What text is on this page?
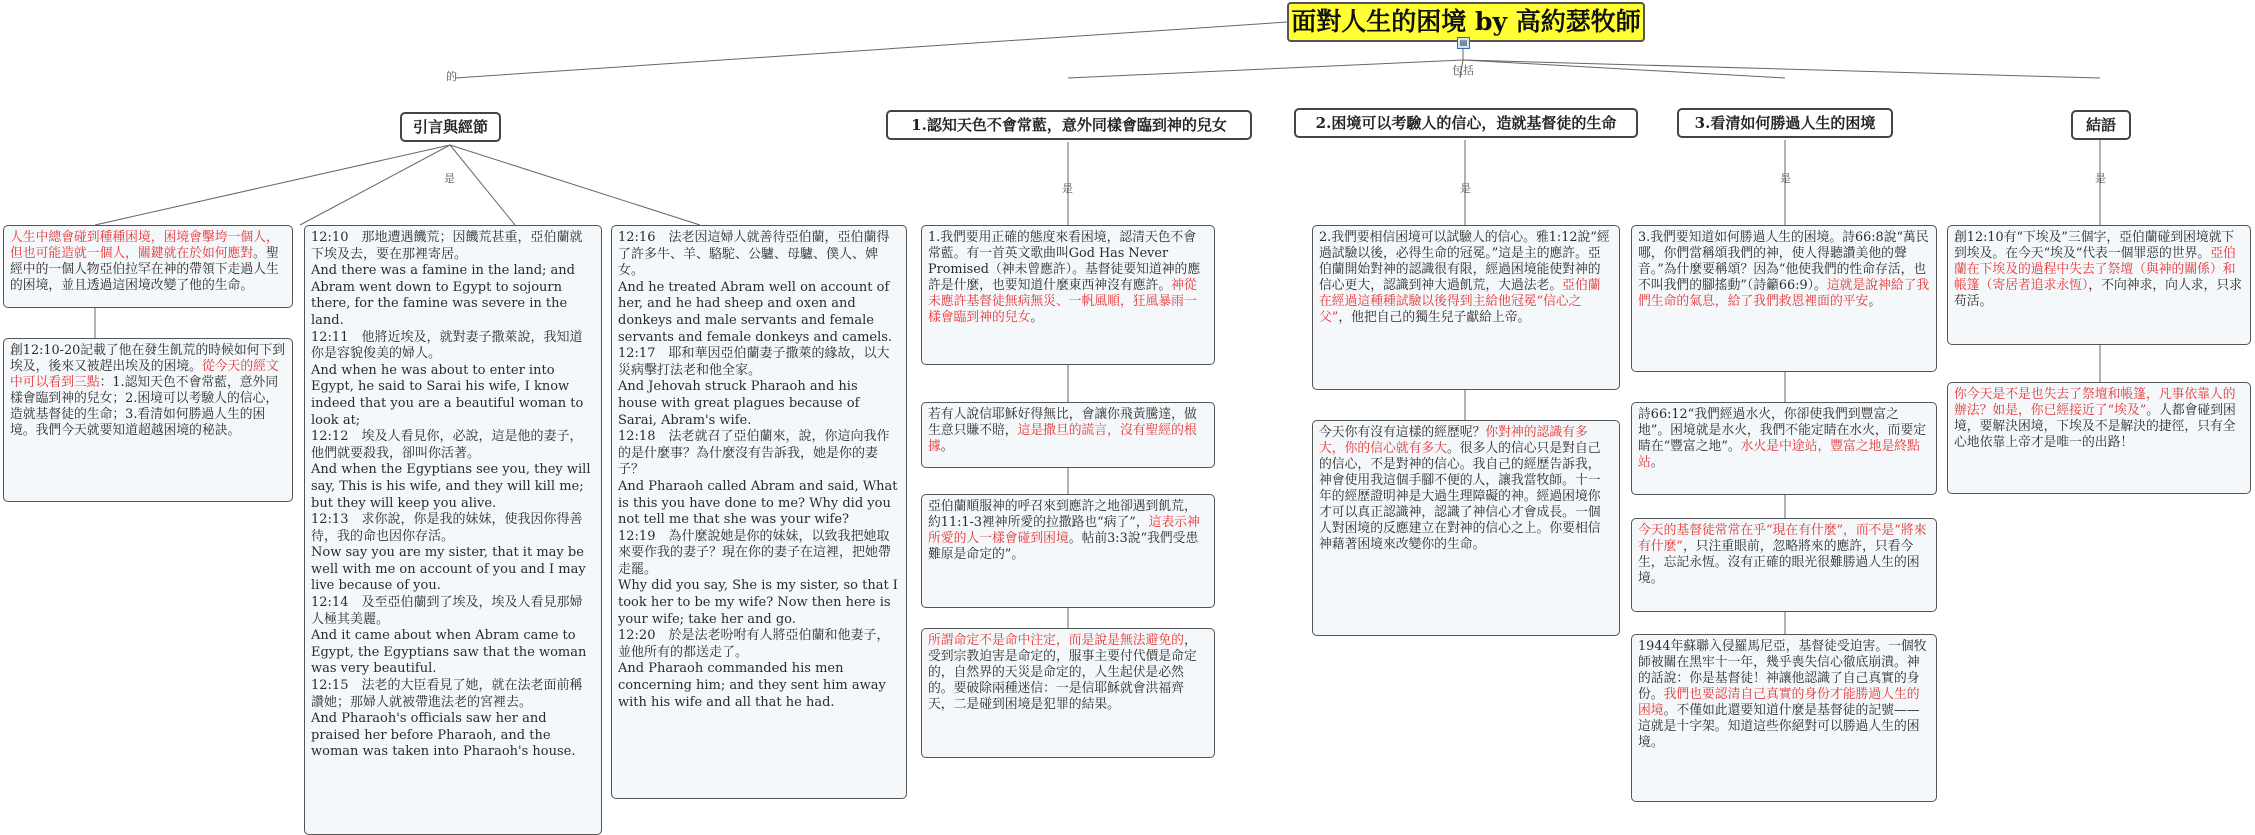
面對人生的困境 by 高約瑟牧師
▤
的	包括
是
是	是
是	是
引言與經節	1.認知天色不會常藍，意外同樣會臨到神的兒女	2.困境可以考驗人的信心，造就基督徒的生命	3.看清如何勝過人生的困境	結語
人生中總會碰到種種困境，困境會擊垮一個人，但也可能造就一個人，關鍵就在於如何應對。聖經中的一個人物亞伯拉罕在神的帶領下走過人生的困境，並且透過這困境改變了他的生命。
創12:10-20記載了他在發生飢荒的時候如何下到埃及，後來又被趕出埃及的困境。從今天的經文中可以看到三點：1.認知天色不會常藍，意外同樣會臨到神的兒女；2.困境可以考驗人的信心，造就基督徒的生命；3.看清如何勝過人生的困境。我們今天就要知道超越困境的秘訣。
12:10　那地遭遇饑荒；因饑荒甚重，亞伯蘭就下埃及去，要在那裡寄居。
And there was a famine in the land; and Abram went down to Egypt to sojourn there, for the famine was severe in the land.
12:11　他將近埃及，就對妻子撒萊說，我知道你是容貌俊美的婦人。
And when he was about to enter into Egypt, he said to Sarai his wife, I know indeed that you are a beautiful woman to look at;
12:12　埃及人看見你，必說，這是他的妻子，他們就要殺我，卻叫你活著。
And when the Egyptians see you, they will say, This is his wife, and they will kill me; but they will keep you alive.
12:13　求你說，你是我的妹妹，使我因你得善待，我的命也因你存活。
Now say you are my sister, that it may be well with me on account of you and I may live because of you.
12:14　及至亞伯蘭到了埃及，埃及人看見那婦人極其美麗。
And it came about when Abram came to Egypt, the Egyptians saw that the woman was very beautiful.
12:15　法老的大臣看見了她，就在法老面前稱讚她；那婦人就被帶進法老的宮裡去。
And Pharaoh's officials saw her and praised her before Pharaoh, and the woman was taken into Pharaoh's house.
12:16　法老因這婦人就善待亞伯蘭，亞伯蘭得了許多牛、羊、駱駝、公驢、母驢、僕人、婢女。
And he treated Abram well on account of her, and he had sheep and oxen and donkeys and male servants and female servants and female donkeys and camels.
12:17　耶和華因亞伯蘭妻子撒萊的緣故，以大災病擊打法老和他全家。
And Jehovah struck Pharaoh and his house with great plagues because of Sarai, Abram's wife.
12:18　法老就召了亞伯蘭來，說，你這向我作的是什麼事？為什麼沒有告訴我，她是你的妻子？
And Pharaoh called Abram and said, What is this you have done to me? Why did you not tell me that she was your wife?
12:19　為什麼說她是你的妹妹，以致我把她取來要作我的妻子？現在你的妻子在這裡，把她帶走罷。
Why did you say, She is my sister, so that I took her to be my wife? Now then here is your wife; take her and go.
12:20　於是法老吩咐有人將亞伯蘭和他妻子，並他所有的都送走了。
And Pharaoh commanded his men concerning him; and they sent him away with his wife and all that he had.
1.我們要用正確的態度來看困境，認清天色不會常藍。有一首英文歌曲叫God Has Never Promised（神未曾應許）。基督徒要知道神的應許是什麼，也要知道什麼東西神沒有應許。神從未應許基督徒無病無災、一帆風順，狂風暴雨一樣會臨到神的兒女。
若有人說信耶穌好得無比，會讓你飛黃騰達，做生意只賺不賠，這是撒旦的謊言，沒有聖經的根據。
亞伯蘭順服神的呼召來到應許之地卻遇到飢荒，約11:1-3裡神所愛的拉撒路也“病了”，這表示神所愛的人一樣會碰到困境。帖前3:3說“我們受患難原是命定的”。
所謂命定不是命中注定，而是說是無法避免的，受到宗教迫害是命定的，服事主要付代價是命定的，自然界的天災是命定的，人生起伏是必然的。要破除兩種迷信：一是信耶穌就會洪福齊天，二是碰到困境是犯罪的結果。
2.我們要相信困境可以試驗人的信心。雅1:12說“經過試驗以後，必得生命的冠冕。”這是主的應許。亞伯蘭開始對神的認識很有限，經過困境能使對神的信心更大，認識到神大過飢荒，大過法老。亞伯蘭在經過這種種試驗以後得到主給他冠冕“信心之父”，他把自己的獨生兒子獻給上帝。
今天你有沒有這樣的經歷呢？你對神的認識有多大，你的信心就有多大。很多人的信心只是對自己的信心，不是對神的信心。我自己的經歷告訴我，神會使用我這個手腳不便的人，讓我當牧師。十一年的經歷證明神是大過生理障礙的神。經過困境你才可以真正認識神，認識了神信心才會成長。一個人對困境的反應建立在對神的信心之上。你要相信神藉著困境來改變你的生命。
3.我們要知道如何勝過人生的困境。詩66:8說“萬民哪，你們當稱頌我們的神，使人得聽讚美他的聲音。”為什麼要稱頌？因為“他使我們的性命存活，也不叫我們的腳搖動”（詩籲66:9）。這就是說神給了我們生命的氣息，給了我們救恩裡面的平安。
詩66:12“我們經過水火，你卻使我們到豐富之地”。困境就是水火，我們不能定睛在水火，而要定睛在“豐富之地”。水火是中途站，豐富之地是終點站。
今天的基督徒常常在乎“現在有什麼”，而不是“將來有什麼”，只注重眼前，忽略將來的應許，只看今生，忘記永恆。沒有正確的眼光很難勝過人生的困境。
1944年蘇聯入侵羅馬尼亞，基督徒受迫害。一個牧師被關在黑牢十一年，幾乎喪失信心徹底崩潰。神的話說：你是基督徒！神讓他認識了自己真實的身份。我們也要認清自己真實的身份才能勝過人生的困境。不僅如此還要知道什麼是基督徒的記號——這就是十字架。知道這些你絕對可以勝過人生的困境。
創12:10有“下埃及”三個字，亞伯蘭碰到困境就下到埃及。在今天“埃及“代表一個罪惡的世界。亞伯蘭在下埃及的過程中失去了祭壇（與神的關係）和帳篷（寄居者追求永恆），不向神求，向人求，只求苟活。
你今天是不是也失去了祭壇和帳篷，凡事依靠人的辦法？如是，你已經接近了“埃及”。人都會碰到困境，要解決困境，下埃及不是解決的捷徑，只有全心地依靠上帝才是唯一的出路！
